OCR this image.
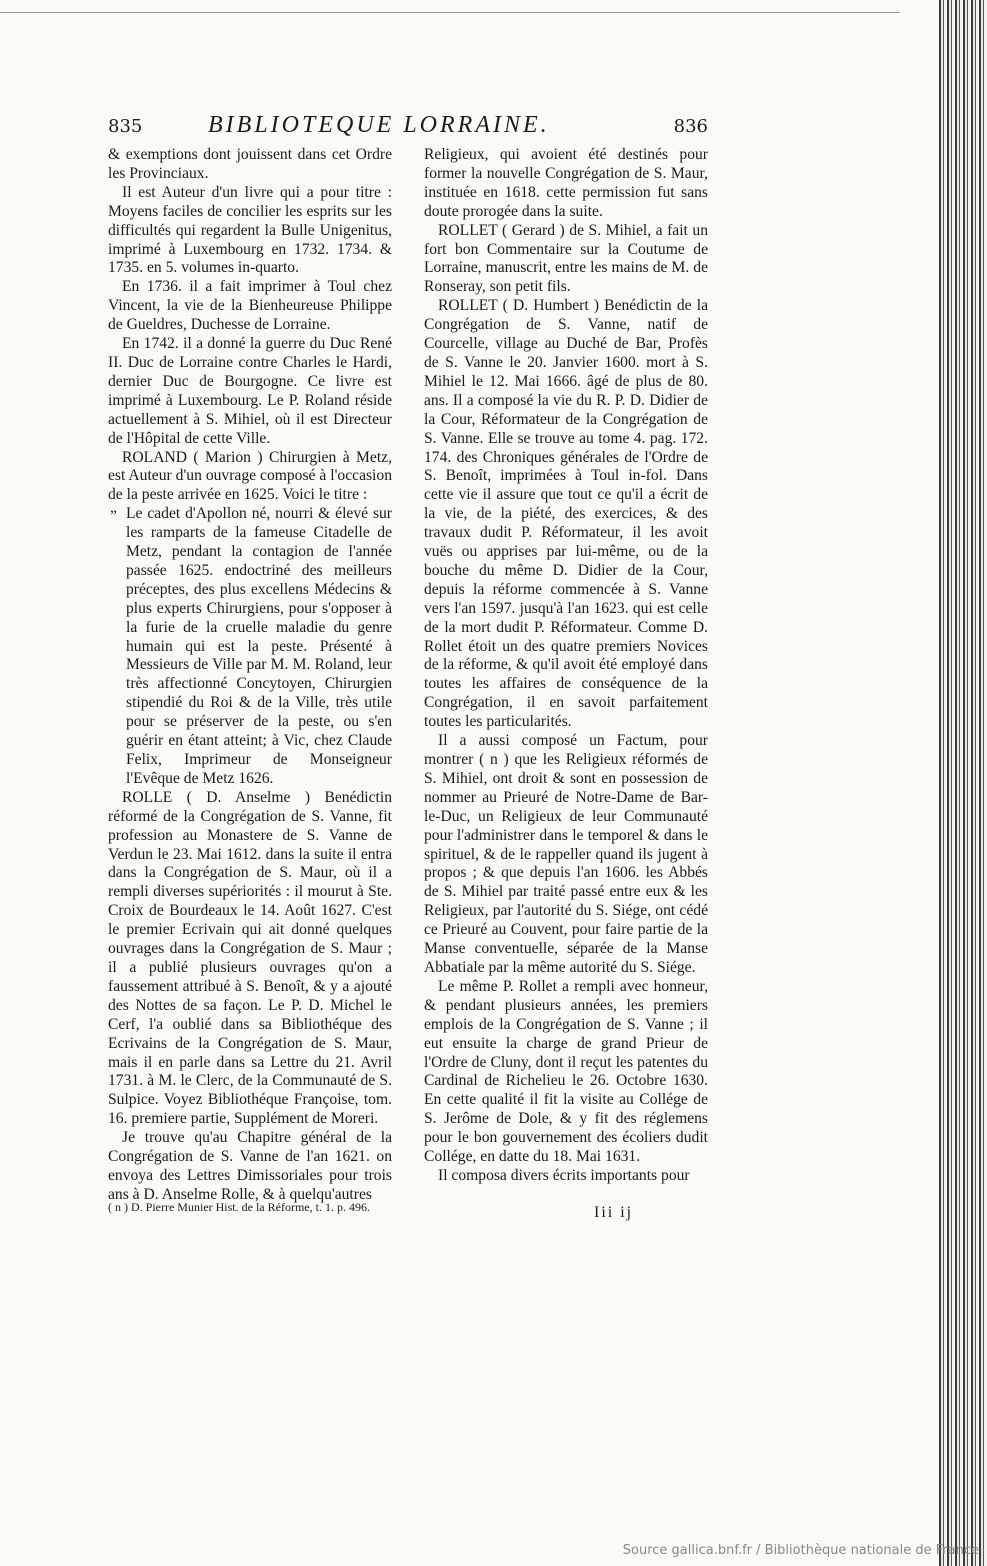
835	BIBLIOTEQUE LORRAINE.	836

& exemptions dont jouissent dans cet Ordre les Provinciaux.

Il est Auteur d'un livre qui a pour titre : Moyens faciles de concilier les esprits sur les difficultés qui regardent la Bulle Unigenitus, imprimé à Luxembourg en 1732. 1734. & 1735. en 5. volumes in-quarto.

En 1736. il a fait imprimer à Toul chez Vincent, la vie de la Bienheureuse Philippe de Gueldres, Duchesse de Lorraine.

En 1742. il a donné la guerre du Duc René II. Duc de Lorraine contre Charles le Hardi, dernier Duc de Bourgogne. Ce livre est imprimé à Luxembourg. Le P. Roland réside actuellement à S. Mihiel, où il est Directeur de l'Hôpital de cette Ville.

ROLAND ( Marion ) Chirurgien à Metz, est Auteur d'un ouvrage composé à l'occasion de la peste arrivée en 1625. Voici le titre :

„ Le cadet d'Apollon né, nourri & élevé sur les ramparts de la fameuse Citadelle de Metz, pendant la contagion de l'année passée 1625. endoctriné des meilleurs préceptes, des plus excellens Médecins & plus experts Chirurgiens, pour s'opposer à la furie de la cruelle maladie du genre humain qui est la peste. Présenté à Messieurs de Ville par M. M. Roland, leur très affectionné Concytoyen, Chirurgien stipendié du Roi & de la Ville, très utile pour se préserver de la peste, ou s'en guérir en étant atteint; à Vic, chez Claude Felix, Imprimeur de Monseigneur l'Evêque de Metz 1626.

ROLLE ( D. Anselme ) Benédictin réformé de la Congrégation de S. Vanne, fit profession au Monastere de S. Vanne de Verdun le 23. Mai 1612. dans la suite il entra dans la Congrégation de S. Maur, où il a rempli diverses supériorités : il mourut à Ste. Croix de Bourdeaux le 14. Août 1627. C'est le premier Ecrivain qui ait donné quelques ouvrages dans la Congrégation de S. Maur ; il a publié plusieurs ouvrages qu'on a faussement attribué à S. Benoît, & y a ajouté des Nottes de sa façon. Le P. D. Michel le Cerf, l'a oublié dans sa Bibliothéque des Ecrivains de la Congrégation de S. Maur, mais il en parle dans sa Lettre du 21. Avril 1731. à M. le Clerc, de la Communauté de S. Sulpice. Voyez Bibliothéque Françoise, tom. 16. premiere partie, Supplément de Moreri.

Je trouve qu'au Chapitre général de la Congrégation de S. Vanne de l'an 1621. on envoya des Lettres Dimissoriales pour trois ans à D. Anselme Rolle, & à quelqu'autres

Religieux, qui avoient été destinés pour former la nouvelle Congrégation de S. Maur, instituée en 1618. cette permission fut sans doute prorogée dans la suite.

ROLLET ( Gerard ) de S. Mihiel, a fait un fort bon Commentaire sur la Coutume de Lorraine, manuscrit, entre les mains de M. de Ronseray, son petit fils.

ROLLET ( D. Humbert ) Benédictin de la Congrégation de S. Vanne, natif de Courcelle, village au Duché de Bar, Profès de S. Vanne le 20. Janvier 1600. mort à S. Mihiel le 12. Mai 1666. âgé de plus de 80. ans. Il a composé la vie du R. P. D. Didier de la Cour, Réformateur de la Congrégation de S. Vanne. Elle se trouve au tome 4. pag. 172. 174. des Chroniques générales de l'Ordre de S. Benoît, imprimées à Toul in-fol. Dans cette vie il assure que tout ce qu'il a écrit de la vie, de la piété, des exercices, & des travaux dudit P. Réformateur, il les avoit vuës ou apprises par lui-même, ou de la bouche du même D. Didier de la Cour, depuis la réforme commencée à S. Vanne vers l'an 1597. jusqu'à l'an 1623. qui est celle de la mort dudit P. Réformateur. Comme D. Rollet étoit un des quatre premiers Novices de la réforme, & qu'il avoit été employé dans toutes les affaires de conséquence de la Congrégation, il en savoit parfaitement toutes les particularités.

Il a aussi composé un Factum, pour montrer ( n ) que les Religieux réformés de S. Mihiel, ont droit & sont en possession de nommer au Prieuré de Notre-Dame de Bar-le-Duc, un Religieux de leur Communauté pour l'administrer dans le temporel & dans le spirituel, & de le rappeller quand ils jugent à propos ; & que depuis l'an 1606. les Abbés de S. Mihiel par traité passé entre eux & les Religieux, par l'autorité du S. Siége, ont cédé ce Prieuré au Couvent, pour faire partie de la Manse conventuelle, séparée de la Manse Abbatiale par la même autorité du S. Siége.

Le même P. Rollet a rempli avec honneur, & pendant plusieurs années, les premiers emplois de la Congrégation de S. Vanne ; il eut ensuite la charge de grand Prieur de l'Ordre de Cluny, dont il reçut les patentes du Cardinal de Richelieu le 26. Octobre 1630. En cette qualité il fit la visite au Collége de S. Jerôme de Dole, & y fit des réglemens pour le bon gouvernement des écoliers dudit Collége, en datte du 18. Mai 1631.

Il composa divers écrits importants pour

( n ) D. Pierre Munier Hist. de la Réforme, t. 1. p. 496.	Iii ij
Source gallica.bnf.fr / Bibliothèque nationale de France
